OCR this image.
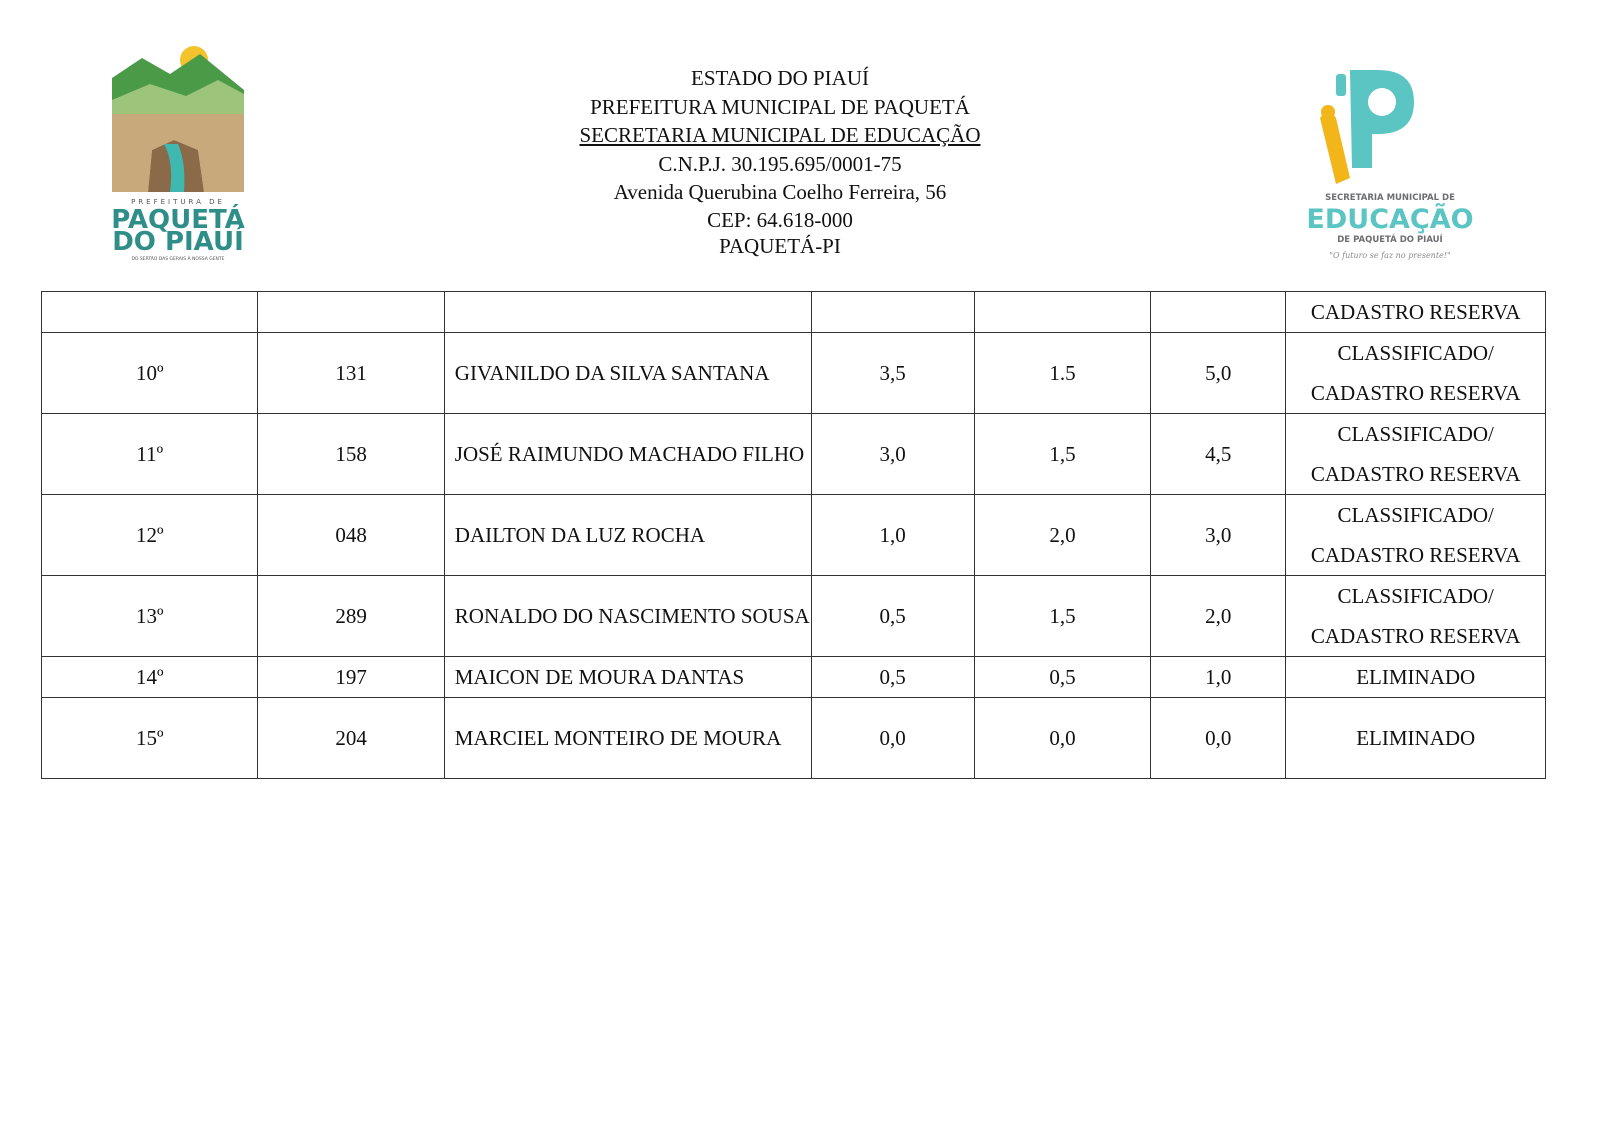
PREFEITURA DE
PAQUETÁ
DO PIAUÍ
DO SERTÃO DAS GERAIS À NOSSA GENTE
ESTADO DO PIAUÍ
PREFEITURA MUNICIPAL DE PAQUETÁ
SECRETARIA MUNICIPAL DE EDUCAÇÃO
C.N.P.J. 30.195.695/0001-75
Avenida Querubina Coelho Ferreira, 56
CEP: 64.618-000
PAQUETÁ-PI
SECRETARIA MUNICIPAL DE
EDUCAÇÃO
DE PAQUETÁ DO PIAUÍ
"O futuro se faz no presente!"

						CADASTRO RESERVA

10º	131	GIVANILDO DA SILVA SANTANA	3,5	1.5	5,0	CLASSIFICADO/
CADASTRO RESERVA

11º	158	JOSÉ RAIMUNDO MACHADO FILHO	3,0	1,5	4,5	CLASSIFICADO/
CADASTRO RESERVA

12º	048	DAILTON DA LUZ ROCHA	1,0	2,0	3,0	CLASSIFICADO/
CADASTRO RESERVA

13º	289	RONALDO DO NASCIMENTO SOUSA	0,5	1,5	2,0	CLASSIFICADO/
CADASTRO RESERVA

14º	197	MAICON DE MOURA DANTAS	0,5	0,5	1,0	ELIMINADO

15º	204	MARCIEL MONTEIRO DE MOURA	0,0	0,0	0,0	ELIMINADO
